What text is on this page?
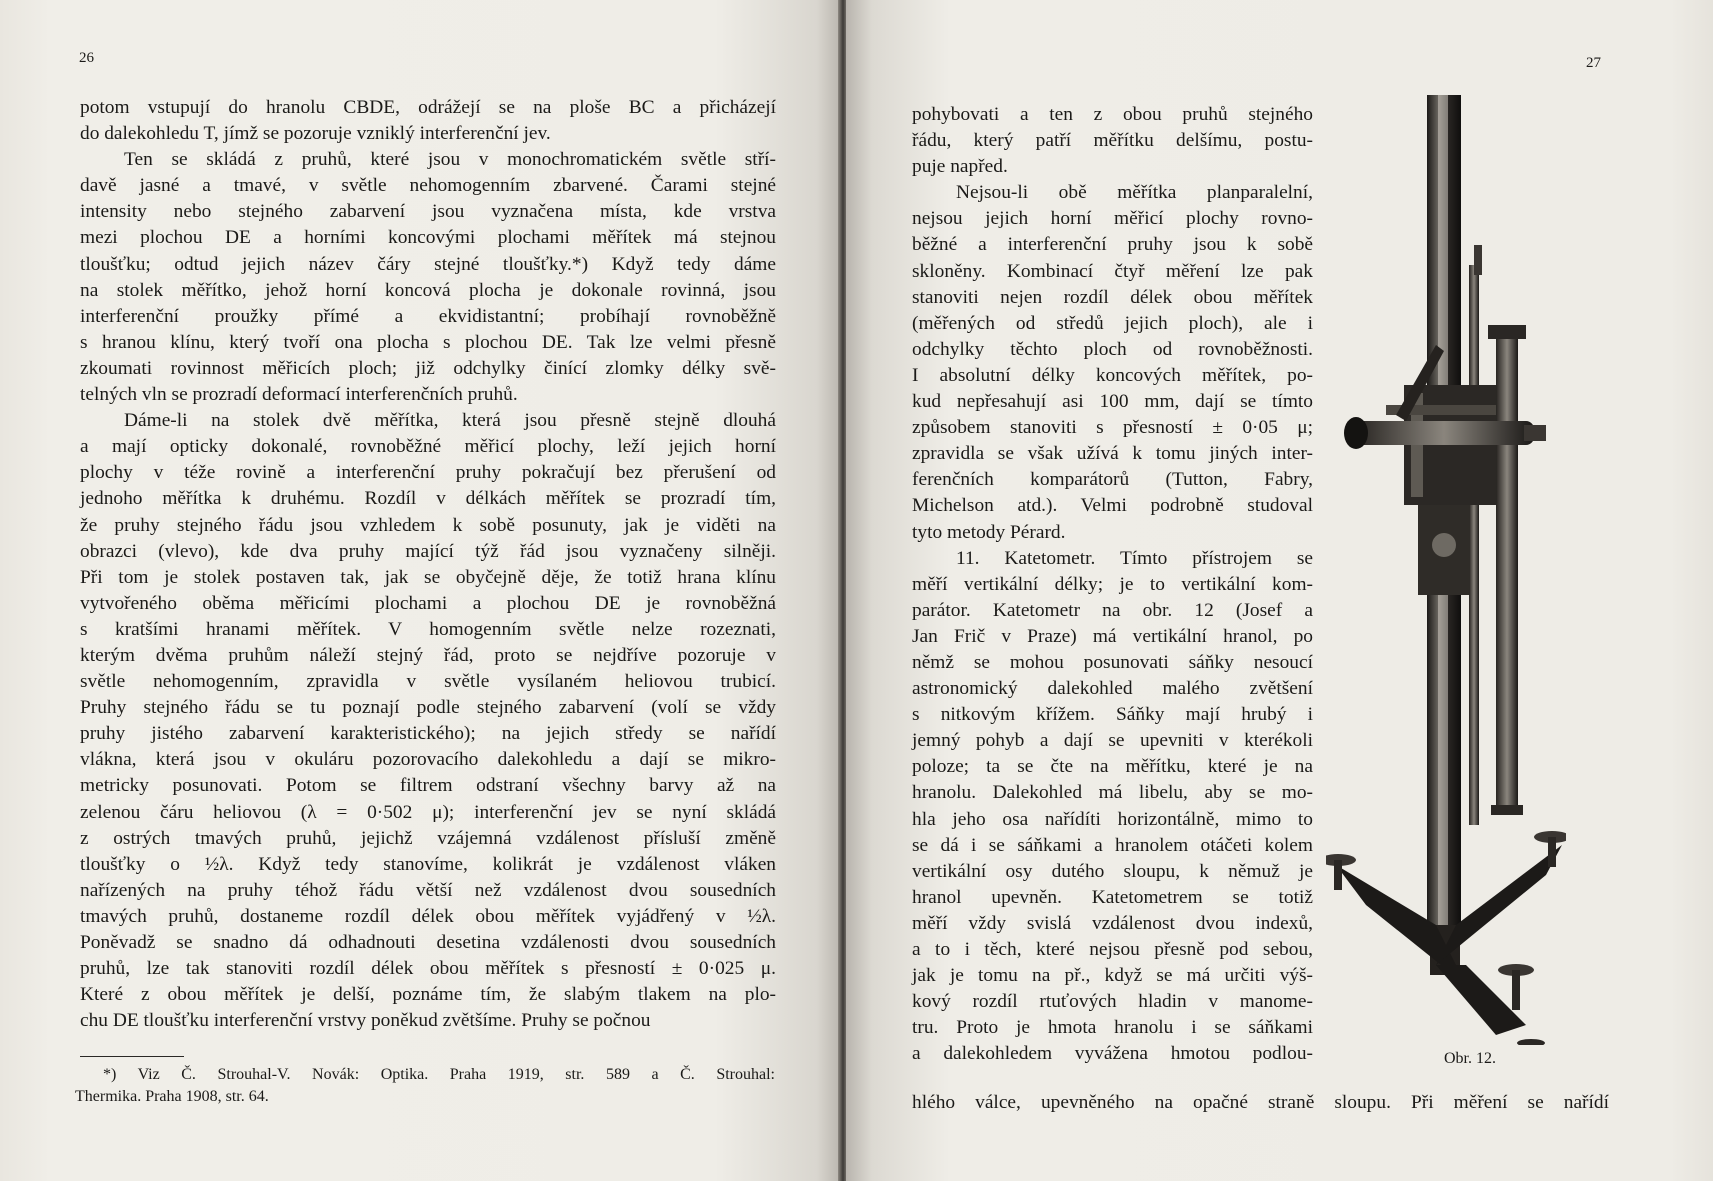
26
potom vstupují do hranolu CBDE, odrážejí se na ploše BC a přicházejí
do dalekohledu T, jímž se pozoruje vzniklý interferenční jev.
Ten se skládá z pruhů, které jsou v monochromatickém světle stří-
davě jasné a tmavé, v světle nehomogenním zbarvené. Čarami stejné
intensity nebo stejného zabarvení jsou vyznačena místa, kde vrstva
mezi plochou DE a horními koncovými plochami měřítek má stejnou
tloušťku; odtud jejich název čáry stejné tloušťky.*) Když tedy dáme
na stolek měřítko, jehož horní koncová plocha je dokonale rovinná, jsou
interferenční proužky přímé a ekvidistantní; probíhají rovnoběžně
s hranou klínu, který tvoří ona plocha s plochou DE. Tak lze velmi přesně
zkoumati rovinnost měřicích ploch; již odchylky činící zlomky délky svě-
telných vln se prozradí deformací interferenčních pruhů.
Dáme-li na stolek dvě měřítka, která jsou přesně stejně dlouhá
a mají opticky dokonalé, rovnoběžné měřicí plochy, leží jejich horní
plochy v téže rovině a interferenční pruhy pokračují bez přerušení od
jednoho měřítka k druhému. Rozdíl v délkách měřítek se prozradí tím,
že pruhy stejného řádu jsou vzhledem k sobě posunuty, jak je viděti na
obrazci (vlevo), kde dva pruhy mající týž řád jsou vyznačeny silněji.
Při tom je stolek postaven tak, jak se obyčejně děje, že totiž hrana klínu
vytvořeného oběma měřicími plochami a plochou DE je rovnoběžná
s kratšími hranami měřítek. V homogenním světle nelze rozeznati,
kterým dvěma pruhům náleží stejný řád, proto se nejdříve pozoruje v
světle nehomogenním, zpravidla v světle vysílaném heliovou trubicí.
Pruhy stejného řádu se tu poznají podle stejného zabarvení (volí se vždy
pruhy jistého zabarvení karakteristického); na jejich středy se nařídí
vlákna, která jsou v okuláru pozorovacího dalekohledu a dají se mikro-
metricky posunovati. Potom se filtrem odstraní všechny barvy až na
zelenou čáru heliovou (λ = 0·502 μ); interferenční jev se nyní skládá
z ostrých tmavých pruhů, jejichž vzájemná vzdálenost přísluší změně
tloušťky o ½λ. Když tedy stanovíme, kolikrát je vzdálenost vláken
nařízených na pruhy téhož řádu větší než vzdálenost dvou sousedních
tmavých pruhů, dostaneme rozdíl délek obou měřítek vyjádřený v ½λ.
Poněvadž se snadno dá odhadnouti desetina vzdálenosti dvou sousedních
pruhů, lze tak stanoviti rozdíl délek obou měřítek s přesností ± 0·025 μ.
Které z obou měřítek je delší, poznáme tím, že slabým tlakem na plo-
chu DE tloušťku interferenční vrstvy poněkud zvětšíme. Pruhy se počnou
*) Viz Č. Strouhal-V. Novák: Optika. Praha 1919, str. 589 a Č. Strouhal:
Thermika. Praha 1908, str. 64.
27
pohybovati a ten z obou pruhů stejného
řádu, který patří měřítku delšímu, postu-
puje napřed.
Nejsou-li obě měřítka planparalelní,
nejsou jejich horní měřicí plochy rovno-
běžné a interferenční pruhy jsou k sobě
skloněny. Kombinací čtyř měření lze pak
stanoviti nejen rozdíl délek obou měřítek
(měřených od středů jejich ploch), ale i
odchylky těchto ploch od rovnoběžnosti.
I absolutní délky koncových měřítek, po-
kud nepřesahují asi 100 mm, dají se tímto
způsobem stanoviti s přesností ± 0·05 μ;
zpravidla se však užívá k tomu jiných inter-
ferenčních komparátorů (Tutton, Fabry,
Michelson atd.). Velmi podrobně studoval
tyto metody Pérard.
11. Katetometr. Tímto přístrojem se
měří vertikální délky; je to vertikální kom-
parátor. Katetometr na obr. 12 (Josef a
Jan Frič v Praze) má vertikální hranol, po
němž se mohou posunovati sáňky nesoucí
astronomický dalekohled malého zvětšení
s nitkovým křížem. Sáňky mají hrubý i
jemný pohyb a dají se upevniti v kterékoli
poloze; ta se čte na měřítku, které je na
hranolu. Dalekohled má libelu, aby se mo-
hla jeho osa nařídíti horizontálně, mimo to
se dá i se sáňkami a hranolem otáčeti kolem
vertikální osy dutého sloupu, k němuž je
hranol upevněn. Katetometrem se totiž
měří vždy svislá vzdálenost dvou indexů,
a to i těch, které nejsou přesně pod sebou,
jak je tomu na př., když se má určiti výš-
kový rozdíl rtuťových hladin v manome-
tru. Proto je hmota hranolu i se sáňkami
a dalekohledem vyvážena hmotou podlou-
hlého válce, upevněného na opačné straně sloupu. Při měření se nařídí
Obr. 12.
